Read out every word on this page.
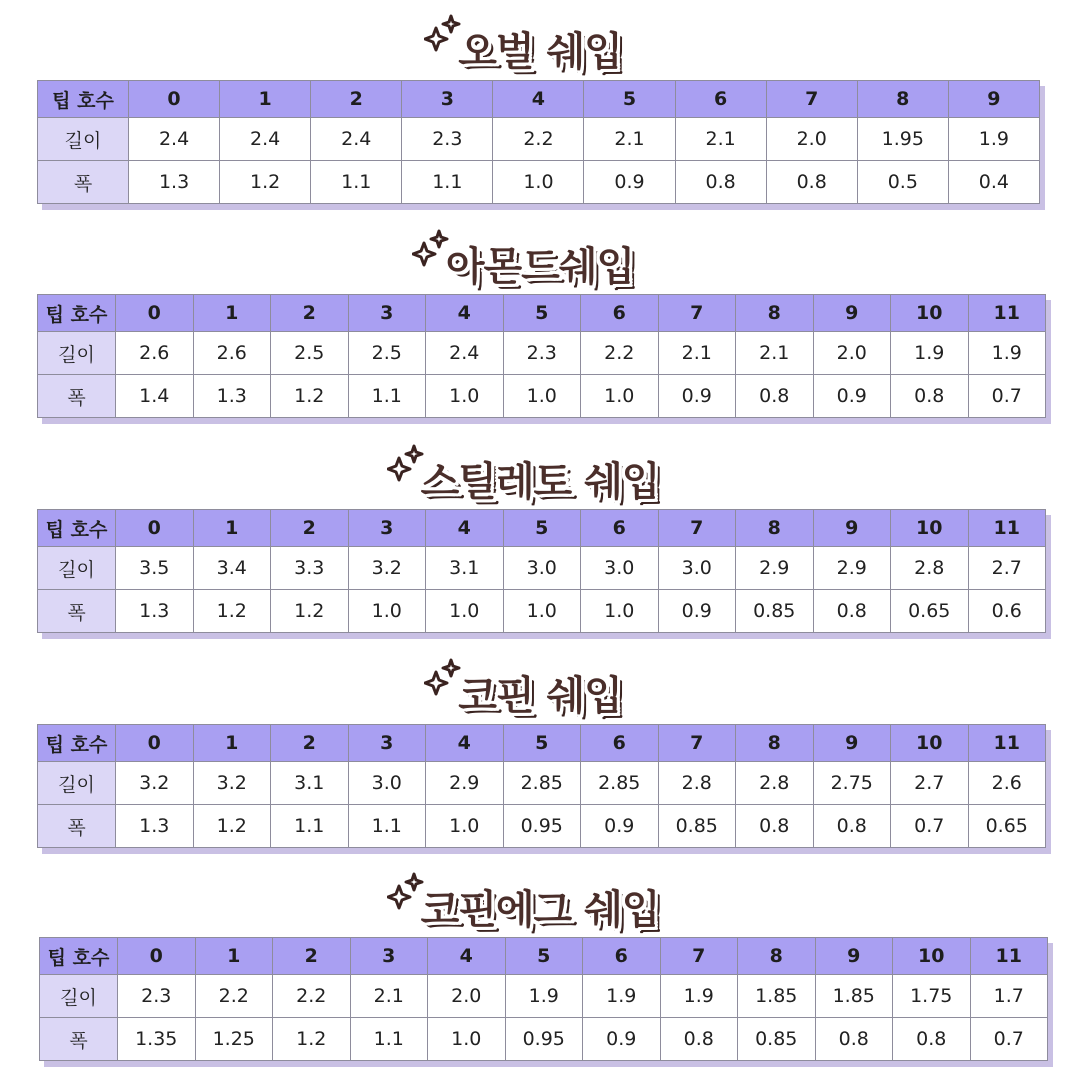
오벌 쉐입
팁 호수	0	1	2	3	4	5	6	7	8	9
길이	2.4	2.4	2.4	2.3	2.2	2.1	2.1	2.0	1.95	1.9
폭	1.3	1.2	1.1	1.1	1.0	0.9	0.8	0.8	0.5	0.4
아몬드쉐입
팁 호수	0	1	2	3	4	5	6	7	8	9	10	11
길이	2.6	2.6	2.5	2.5	2.4	2.3	2.2	2.1	2.1	2.0	1.9	1.9
폭	1.4	1.3	1.2	1.1	1.0	1.0	1.0	0.9	0.8	0.9	0.8	0.7
스틸레토 쉐입
팁 호수	0	1	2	3	4	5	6	7	8	9	10	11
길이	3.5	3.4	3.3	3.2	3.1	3.0	3.0	3.0	2.9	2.9	2.8	2.7
폭	1.3	1.2	1.2	1.0	1.0	1.0	1.0	0.9	0.85	0.8	0.65	0.6
코핀 쉐입
팁 호수	0	1	2	3	4	5	6	7	8	9	10	11
길이	3.2	3.2	3.1	3.0	2.9	2.85	2.85	2.8	2.8	2.75	2.7	2.6
폭	1.3	1.2	1.1	1.1	1.0	0.95	0.9	0.85	0.8	0.8	0.7	0.65
코핀에그 쉐입
팁 호수	0	1	2	3	4	5	6	7	8	9	10	11
길이	2.3	2.2	2.2	2.1	2.0	1.9	1.9	1.9	1.85	1.85	1.75	1.7
폭	1.35	1.25	1.2	1.1	1.0	0.95	0.9	0.8	0.85	0.8	0.8	0.7
